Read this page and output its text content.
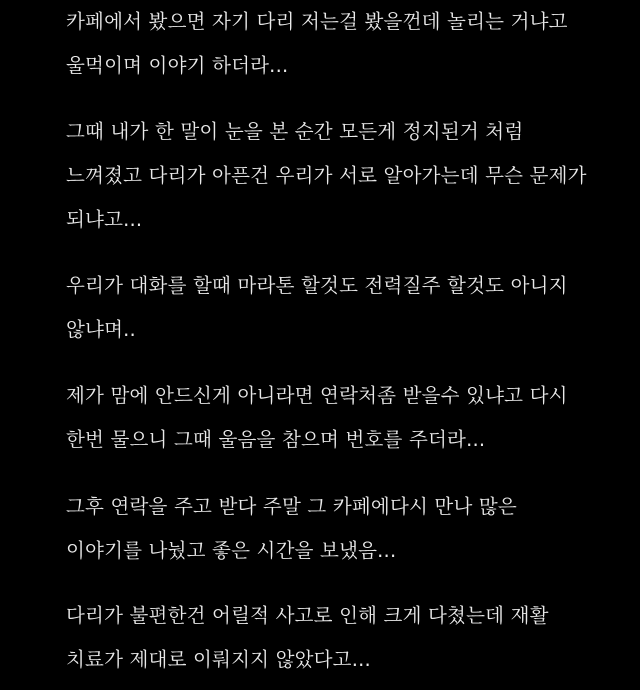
카페에서 봤으면 자기 다리 저는걸 봤을껀데 놀리는 거냐고
울먹이며 이야기 하더라...
그때 내가 한 말이 눈을 본 순간 모든게 정지된거 처럼
느껴졌고 다리가 아픈건 우리가 서로 알아가는데 무슨 문제가
되냐고...
우리가 대화를 할때 마라톤 할것도 전력질주 할것도 아니지
않냐며..
제가 맘에 안드신게 아니라면 연락처좀 받을수 있냐고 다시
한번 물으니 그때 울음을 참으며 번호를 주더라...
그후 연락을 주고 받다 주말 그 카페에다시 만나 많은
이야기를 나눴고 좋은 시간을 보냈음...
다리가 불편한건 어릴적 사고로 인해 크게 다쳤는데 재활
치료가 제대로 이뤄지지 않았다고...
